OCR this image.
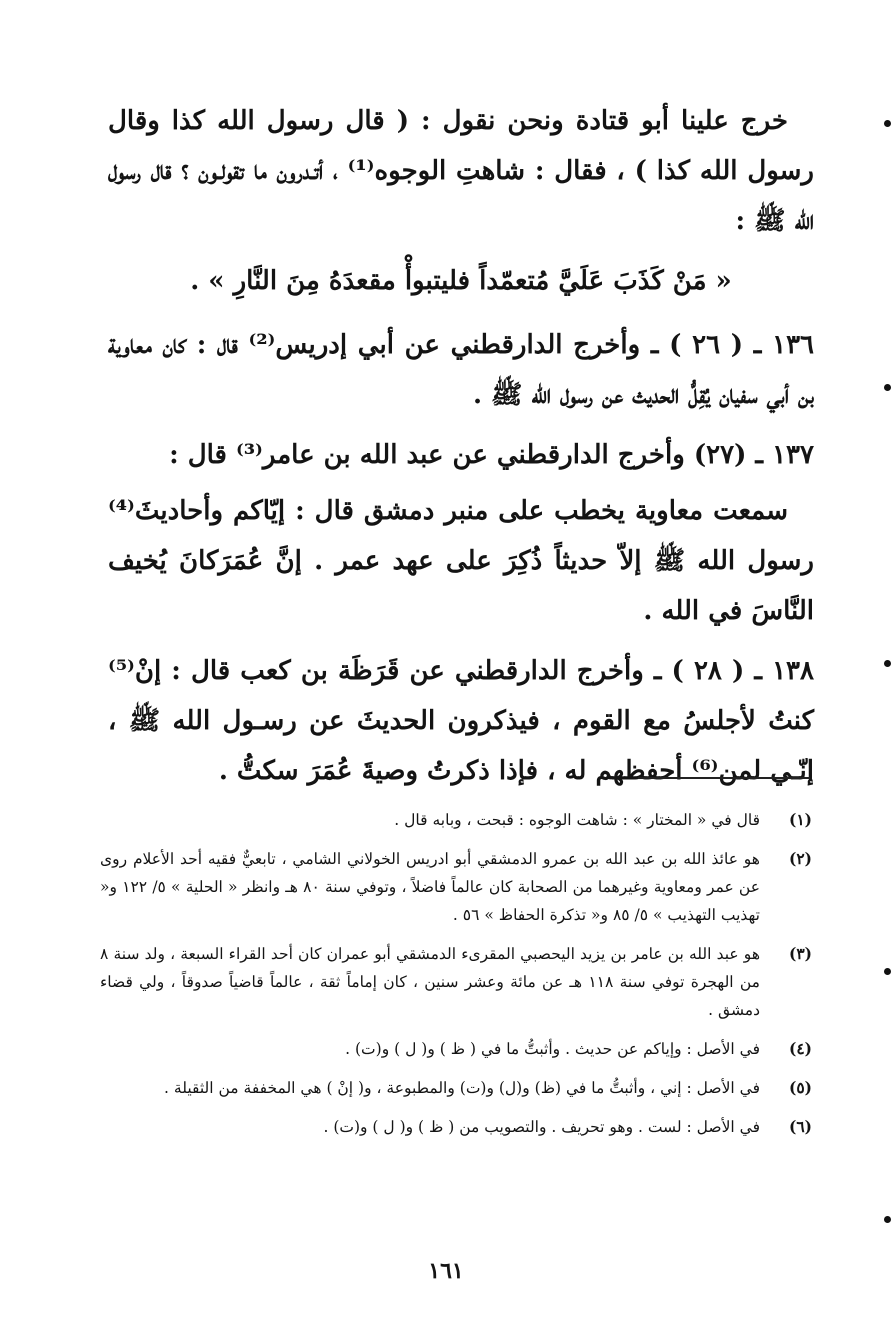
خرج علينا أبو قتادة ونحن نقول : ( قال رسول الله كذا وقال رسول الله كذا ) ، فقال : شاهتِ الوجوه⁽¹⁾ ، أتـدرون ما تقولـون ؟ قال رسول الله ﷺ :

« مَنْ كَذَبَ عَلَيَّ مُتعمّداً فليتبوأْ مقعدَهُ مِنَ النَّارِ » .

١٣٦ ـ ( ٢٦ ) ـ وأخرج الدارقطني عن أبي إدريس⁽²⁾ قال : كان معاوية بن أبي سفيان يُقِلُّ الحديث عن رسول الله ﷺ .

١٣٧ ـ (٢٧) وأخرج الدارقطني عن عبد الله بن عامر⁽³⁾ قال :

سمعت معاوية يخطب على منبر دمشق قال : إيّاكم وأحاديثَ⁽⁴⁾ رسول الله ﷺ إلاّ حديثاً ذُكِرَ على عهد عمر . إنَّ عُمَرَكانَ يُخيف النَّاسَ في الله .

١٣٨ ـ ( ٢٨ ) ـ وأخرج الدارقطني عن قَرَظَة بن كعب قال : إنْ⁽⁵⁾ كنتُ لأجلسُ مع القوم ، فيذكرون الحديثَ عن رسـول الله ﷺ ، إنّـي لمن⁽⁶⁾ أحفظهم له ، فإذا ذكرتُ وصيةَ عُمَرَ سكتُّ .

(١)
قال في « المختار » : شاهت الوجوه : قبحت ، وبابه قال .
(٢)
هو عائذ الله بن عبد الله بن عمرو الدمشقي أبو ادريس الخولاني الشامي ، تابعيٌّ فقيه أحد الأعلام روى عن عمر ومعاوية وغيرهما من الصحابة كان عالماً فاضلاً ، وتوفي سنة ٨٠ هـ وانظر « الحلية » ٥/ ١٢٢ و« تهذيب التهذيب » ٥/ ٨٥ و« تذكرة الحفاظ » ٥٦ .
(٣)
هو عبد الله بن عامر بن يزيد اليحصبي المقرىء الدمشقي أبو عمران كان أحد القراء السبعة ، ولد سنة ٨ من الهجرة توفي سنة ١١٨ هـ عن مائة وعشر سنين ، كان إماماً ثقة ، عالماً قاضياً صدوقاً ، ولي قضاء دمشق .
(٤)
في الأصل : وإياكم عن حديث . وأثبتُّ ما في ( ظ ) و( ل ) و(ت) .
(٥)
في الأصل : إني ، وأثبتُّ ما في (ظ) و(ل) و(ت) والمطبوعة ، و( إنْ ) هي المخففة من الثقيلة .
(٦)
في الأصل : لست . وهو تحريف . والتصويب من ( ظ ) و( ل ) و(ت) .
١٦١
